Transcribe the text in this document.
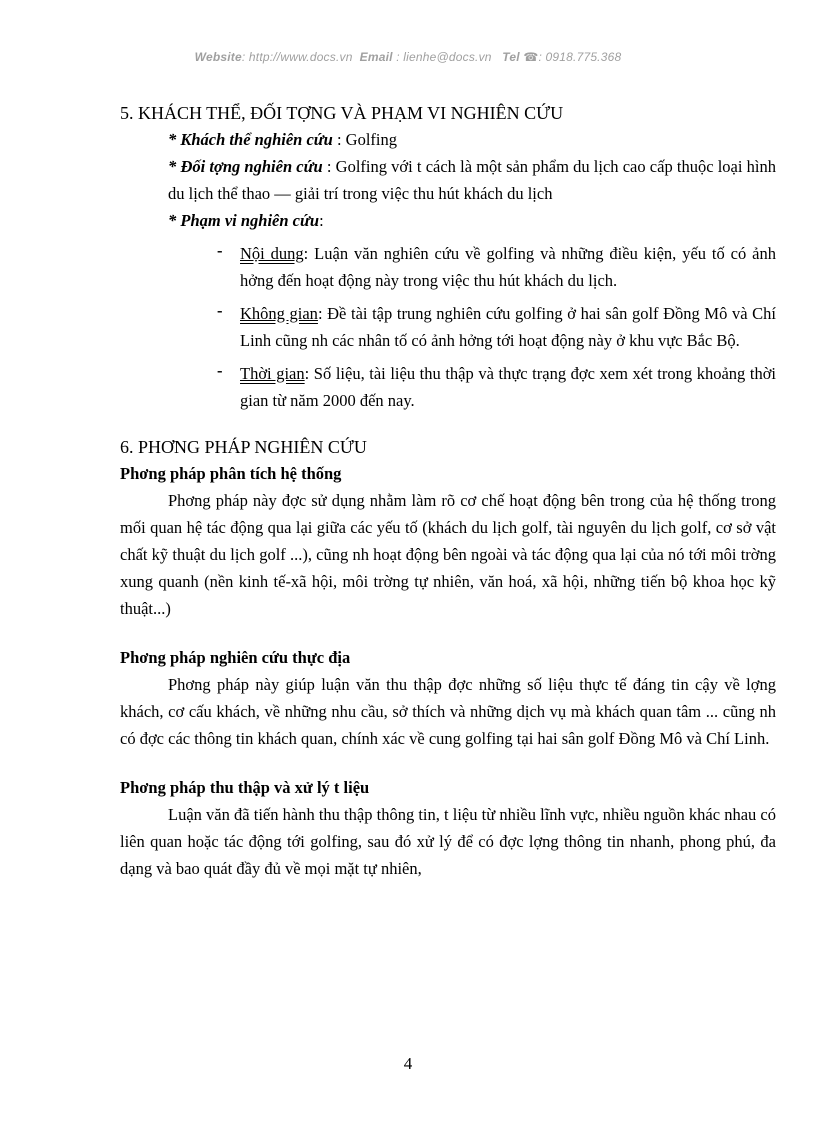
Website: http://www.docs.vn Email : lienhe@docs.vn Tel ☎: 0918.775.368

5. KHÁCH THỂ, ĐỐI TỢNG VÀ PHẠM VI NGHIÊN CỨU

* Khách thể nghiên cứu : Golfing
* Đối tợng nghiên cứu : Golfing với t cách là một sản phẩm du lịch cao cấp thuộc loại hình du lịch thể thao — giải trí trong việc thu hút khách du lịch
* Phạm vi nghiên cứu:
- Nội dung: Luận văn nghiên cứu về golfing và những điều kiện, yếu tố có ảnh hởng đến hoạt động này trong việc thu hút khách du lịch.
- Không gian: Đề tài tập trung nghiên cứu golfing ở hai sân golf Đồng Mô và Chí Linh cũng nh các nhân tố có ảnh hởng tới hoạt động này ở khu vực Bắc Bộ.
- Thời gian: Số liệu, tài liệu thu thập và thực trạng đợc xem xét trong khoảng thời gian từ năm 2000 đến nay.

6. PHƠNG PHÁP NGHIÊN CỨU

Phơng pháp phân tích hệ thống

Phơng pháp này đợc sử dụng nhằm làm rõ cơ chế hoạt động bên trong của hệ thống trong mối quan hệ tác động qua lại giữa các yếu tố (khách du lịch golf, tài nguyên du lịch golf, cơ sở vật chất kỹ thuật du lịch golf ...), cũng nh hoạt động bên ngoài và tác động qua lại của nó tới môi trờng xung quanh (nền kinh tế-xã hội, môi trờng tự nhiên, văn hoá, xã hội, những tiến bộ khoa học kỹ thuật...)

Phơng pháp nghiên cứu thực địa

Phơng pháp này giúp luận văn thu thập đợc những số liệu thực tế đáng tin cậy về lợng khách, cơ cấu khách, về những nhu cầu, sở thích và những dịch vụ mà khách quan tâm ... cũng nh có đợc các thông tin khách quan, chính xác về cung golfing tại hai sân golf Đồng Mô và Chí Linh.

Phơng pháp thu thập và xử lý t liệu

Luận văn đã tiến hành thu thập thông tin, t liệu từ nhiều lĩnh vực, nhiều nguồn khác nhau có liên quan hoặc tác động tới golfing, sau đó xử lý để có đợc lợng thông tin nhanh, phong phú, đa dạng và bao quát đầy đủ về mọi mặt tự nhiên,

4
